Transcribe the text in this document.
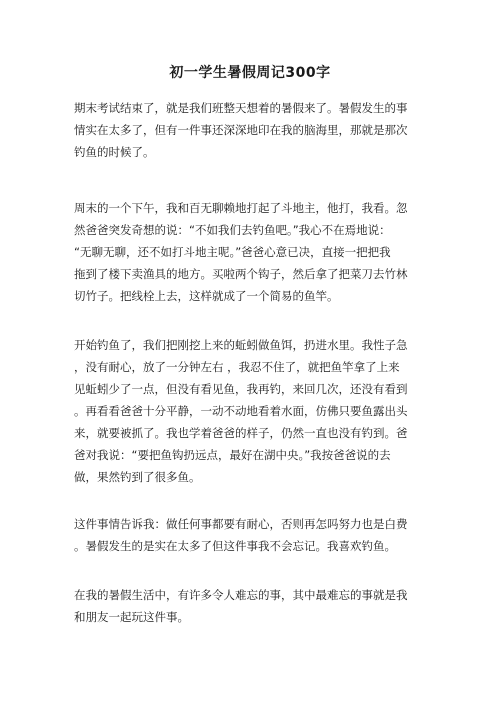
初一学生暑假周记300字
期末考试结束了，就是我们班整天想着的暑假来了。暑假发生的事
情实在太多了，但有一件事还深深地印在我的脑海里，那就是那次
钓鱼的时候了。
周末的一个下午，我和百无聊赖地打起了斗地主，他打，我看。忽
然爸爸突发奇想的说：“不如我们去钓鱼吧。”我心不在焉地说：
“无聊无聊，还不如打斗地主呢。”爸爸心意已决，直接一把把我
拖到了楼下卖渔具的地方。买啦两个钩子，然后拿了把菜刀去竹林
切竹子。把线栓上去，这样就成了一个简易的鱼竿。
开始钓鱼了，我们把刚挖上来的蚯蚓做鱼饵，扔进水里。我性子急
，没有耐心，放了一分钟左右 ，我忍不住了，就把鱼竿拿了上来
见蚯蚓少了一点，但没有看见鱼，我再钓，来回几次，还没有看到
。再看看爸爸十分平静，一动不动地看着水面，仿佛只要鱼露出头
来，就要被抓了。我也学着爸爸的样子，仍然一直也没有钓到。爸
爸对我说：“要把鱼钩扔远点，最好在湖中央。”我按爸爸说的去
做，果然钓到了很多鱼。
这件事情告诉我：做任何事都要有耐心，否则再怎吗努力也是白费
。暑假发生的是实在太多了但这件事我不会忘记。我喜欢钓鱼。
在我的暑假生活中，有许多令人难忘的事，其中最难忘的事就是我
和朋友一起玩这件事。
